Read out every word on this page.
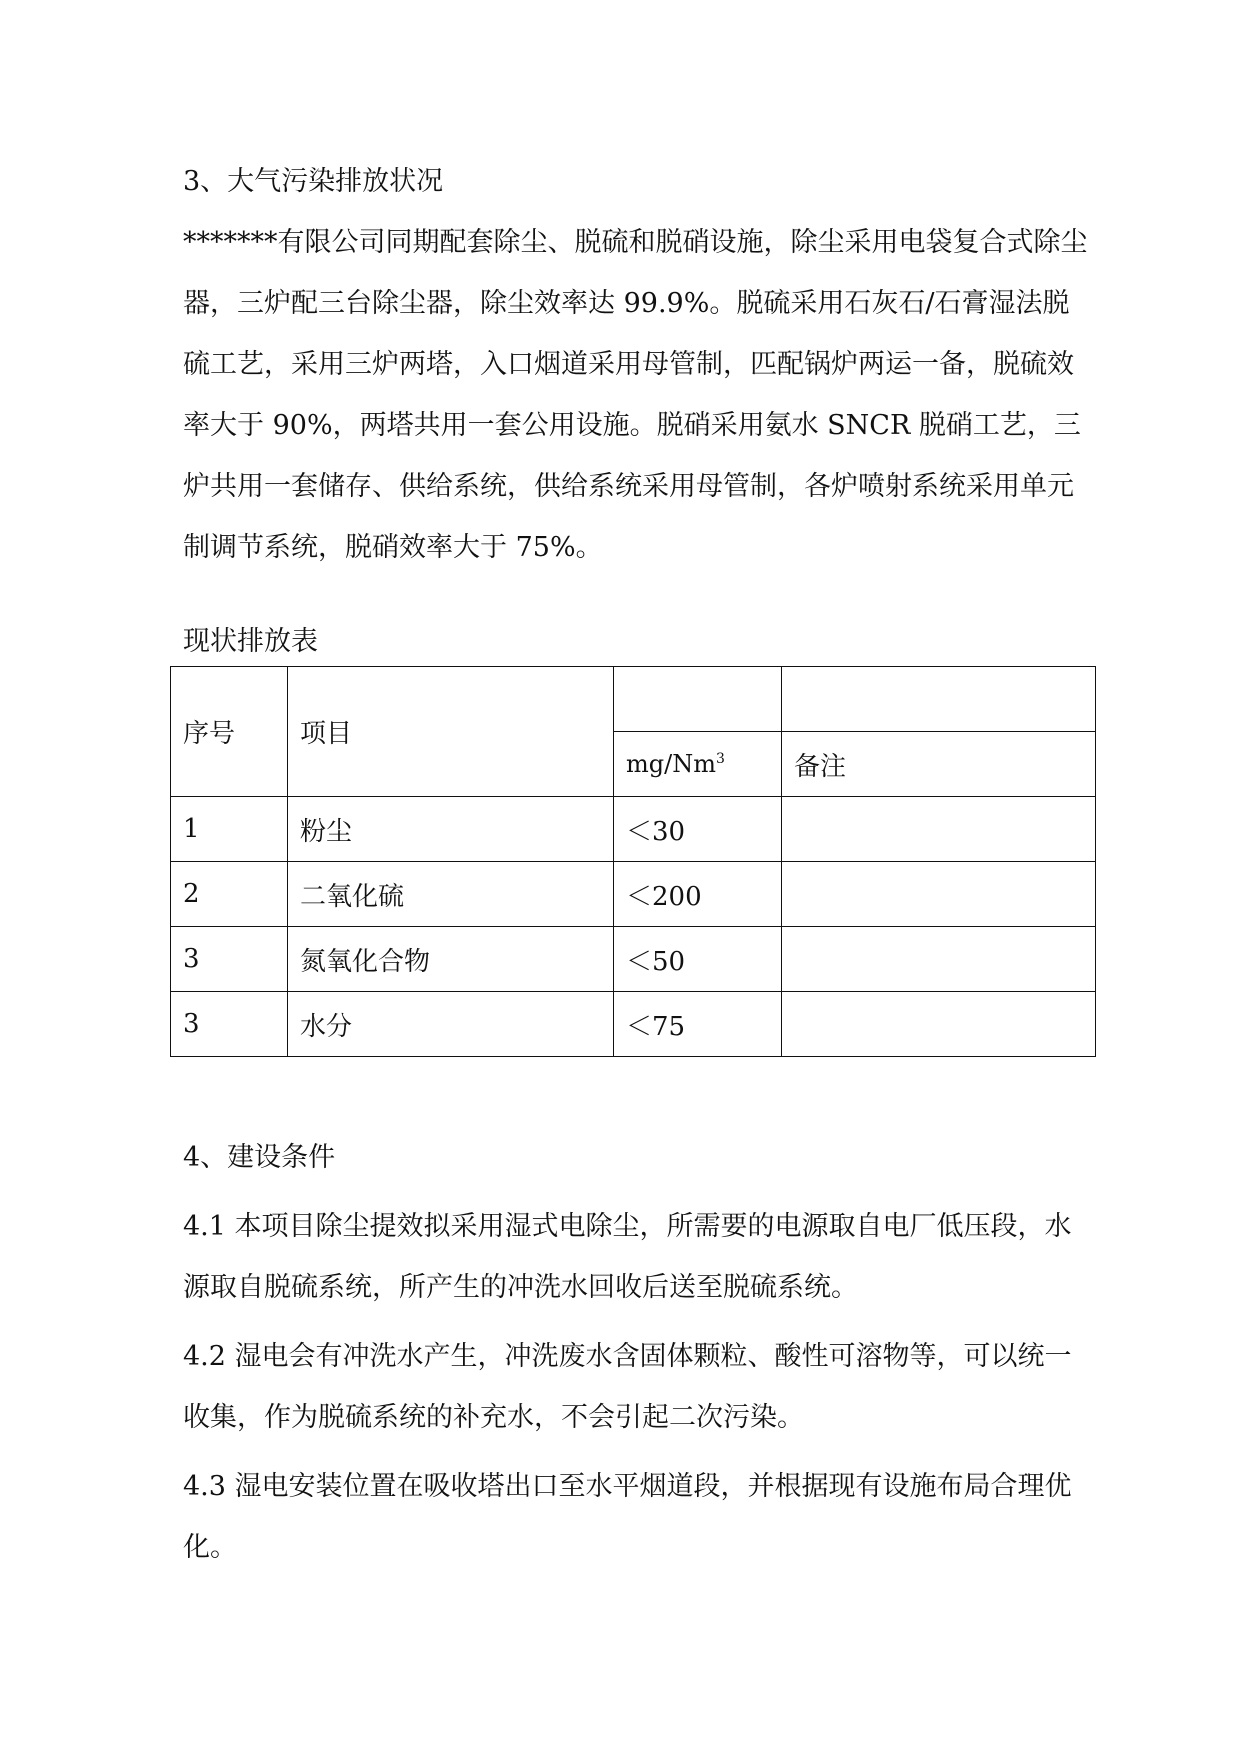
3、大气污染排放状况

*******有限公司同期配套除尘、脱硫和脱硝设施，除尘采用电袋复合式除尘器，三炉配三台除尘器，除尘效率达 99.9%。脱硫采用石灰石/石膏湿法脱硫工艺，采用三炉两塔，入口烟道采用母管制，匹配锅炉两运一备，脱硫效率大于 90%，两塔共用一套公用设施。脱硝采用氨水 SNCR 脱硝工艺，三炉共用一套储存、供给系统，供给系统采用母管制，各炉喷射系统采用单元制调节系统，脱硝效率大于 75%。

现状排放表

序号	项目		
		mg/Nm$^3$	备注
1	粉尘	＜30	
2	二氧化硫	＜200	
3	氮氧化合物	＜50	
3	水分	＜75	

4、建设条件

4.1 本项目除尘提效拟采用湿式电除尘，所需要的电源取自电厂低压段，水源取自脱硫系统，所产生的冲洗水回收后送至脱硫系统。

4.2 湿电会有冲洗水产生，冲洗废水含固体颗粒、酸性可溶物等，可以统一收集，作为脱硫系统的补充水，不会引起二次污染。

4.3 湿电安装位置在吸收塔出口至水平烟道段，并根据现有设施布局合理优化。
